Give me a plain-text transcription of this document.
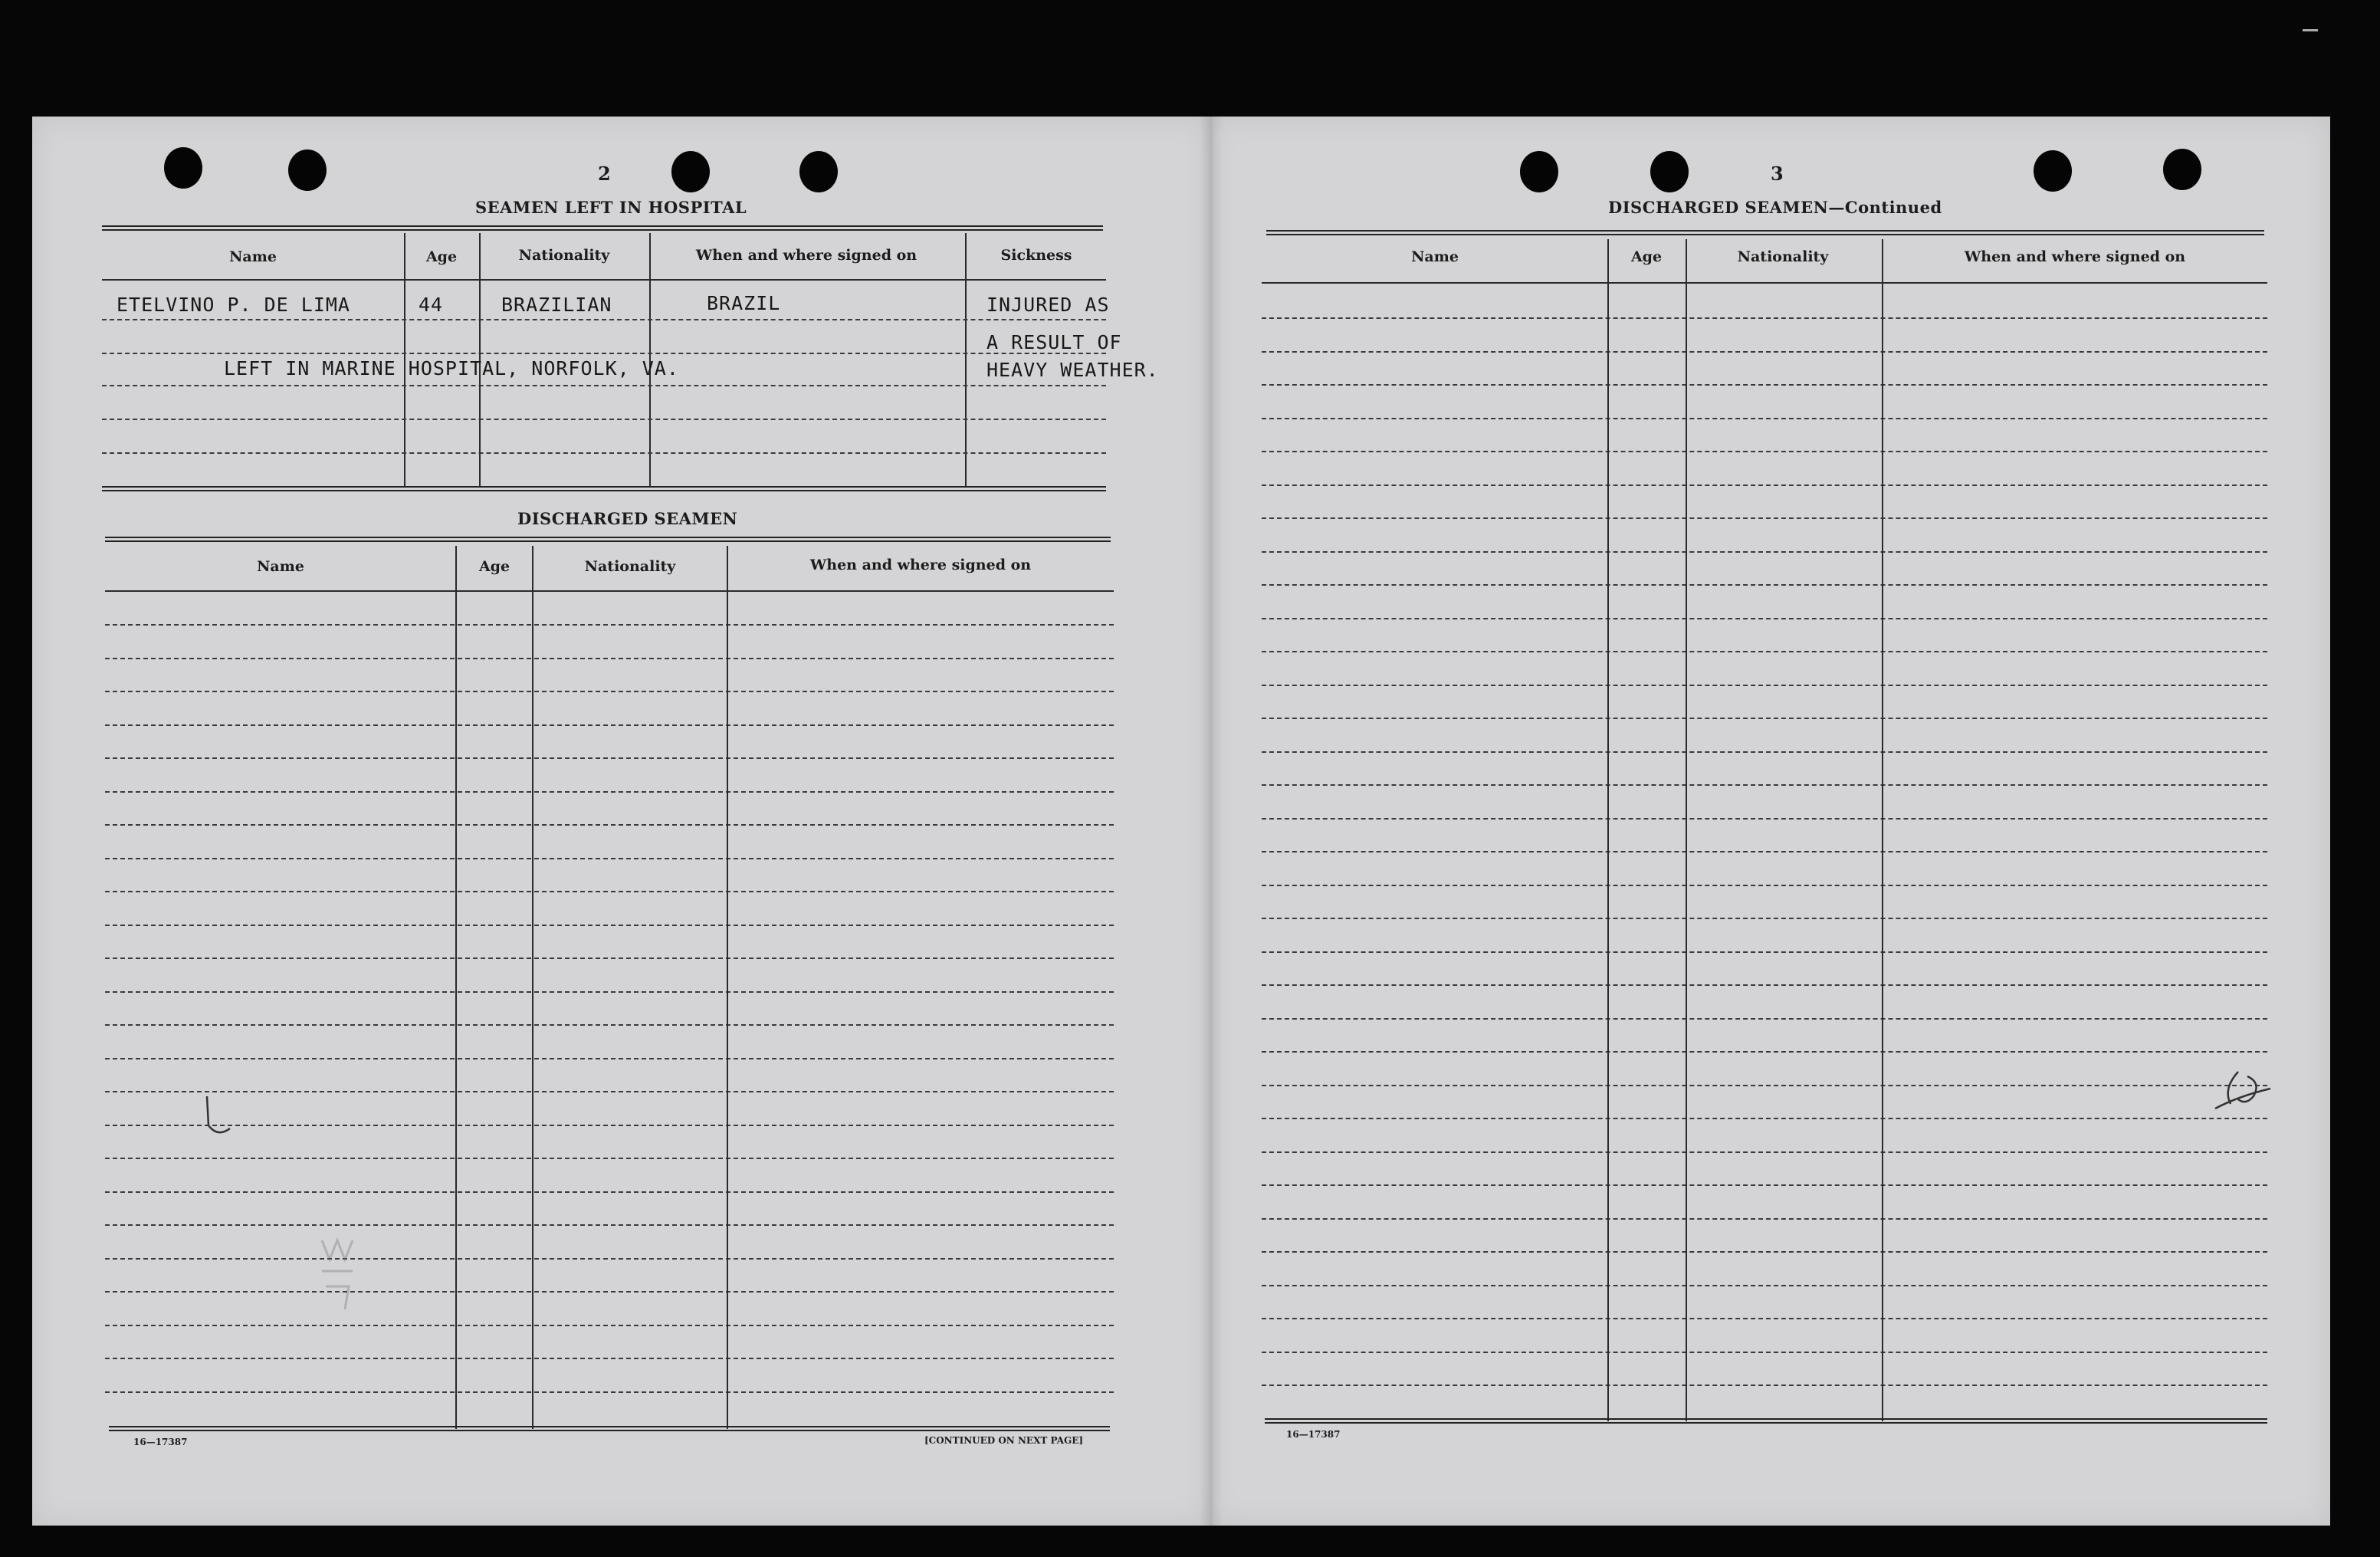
2
SEAMEN LEFT IN HOSPITAL
Name	Age	Nationality	When and where signed on	Sickness
ETELVINO P. DE LIMA	44	BRAZILIAN	BRAZIL	INJURED AS
A RESULT OF
HEAVY WEATHER.
LEFT IN MARINE HOSPITAL, NORFOLK, VA.
DISCHARGED SEAMEN
Name	Age	Nationality	When and where signed on
16—17387	[CONTINUED ON NEXT PAGE]
3
DISCHARGED SEAMEN—Continued
Name	Age	Nationality	When and where signed on
16—17387
